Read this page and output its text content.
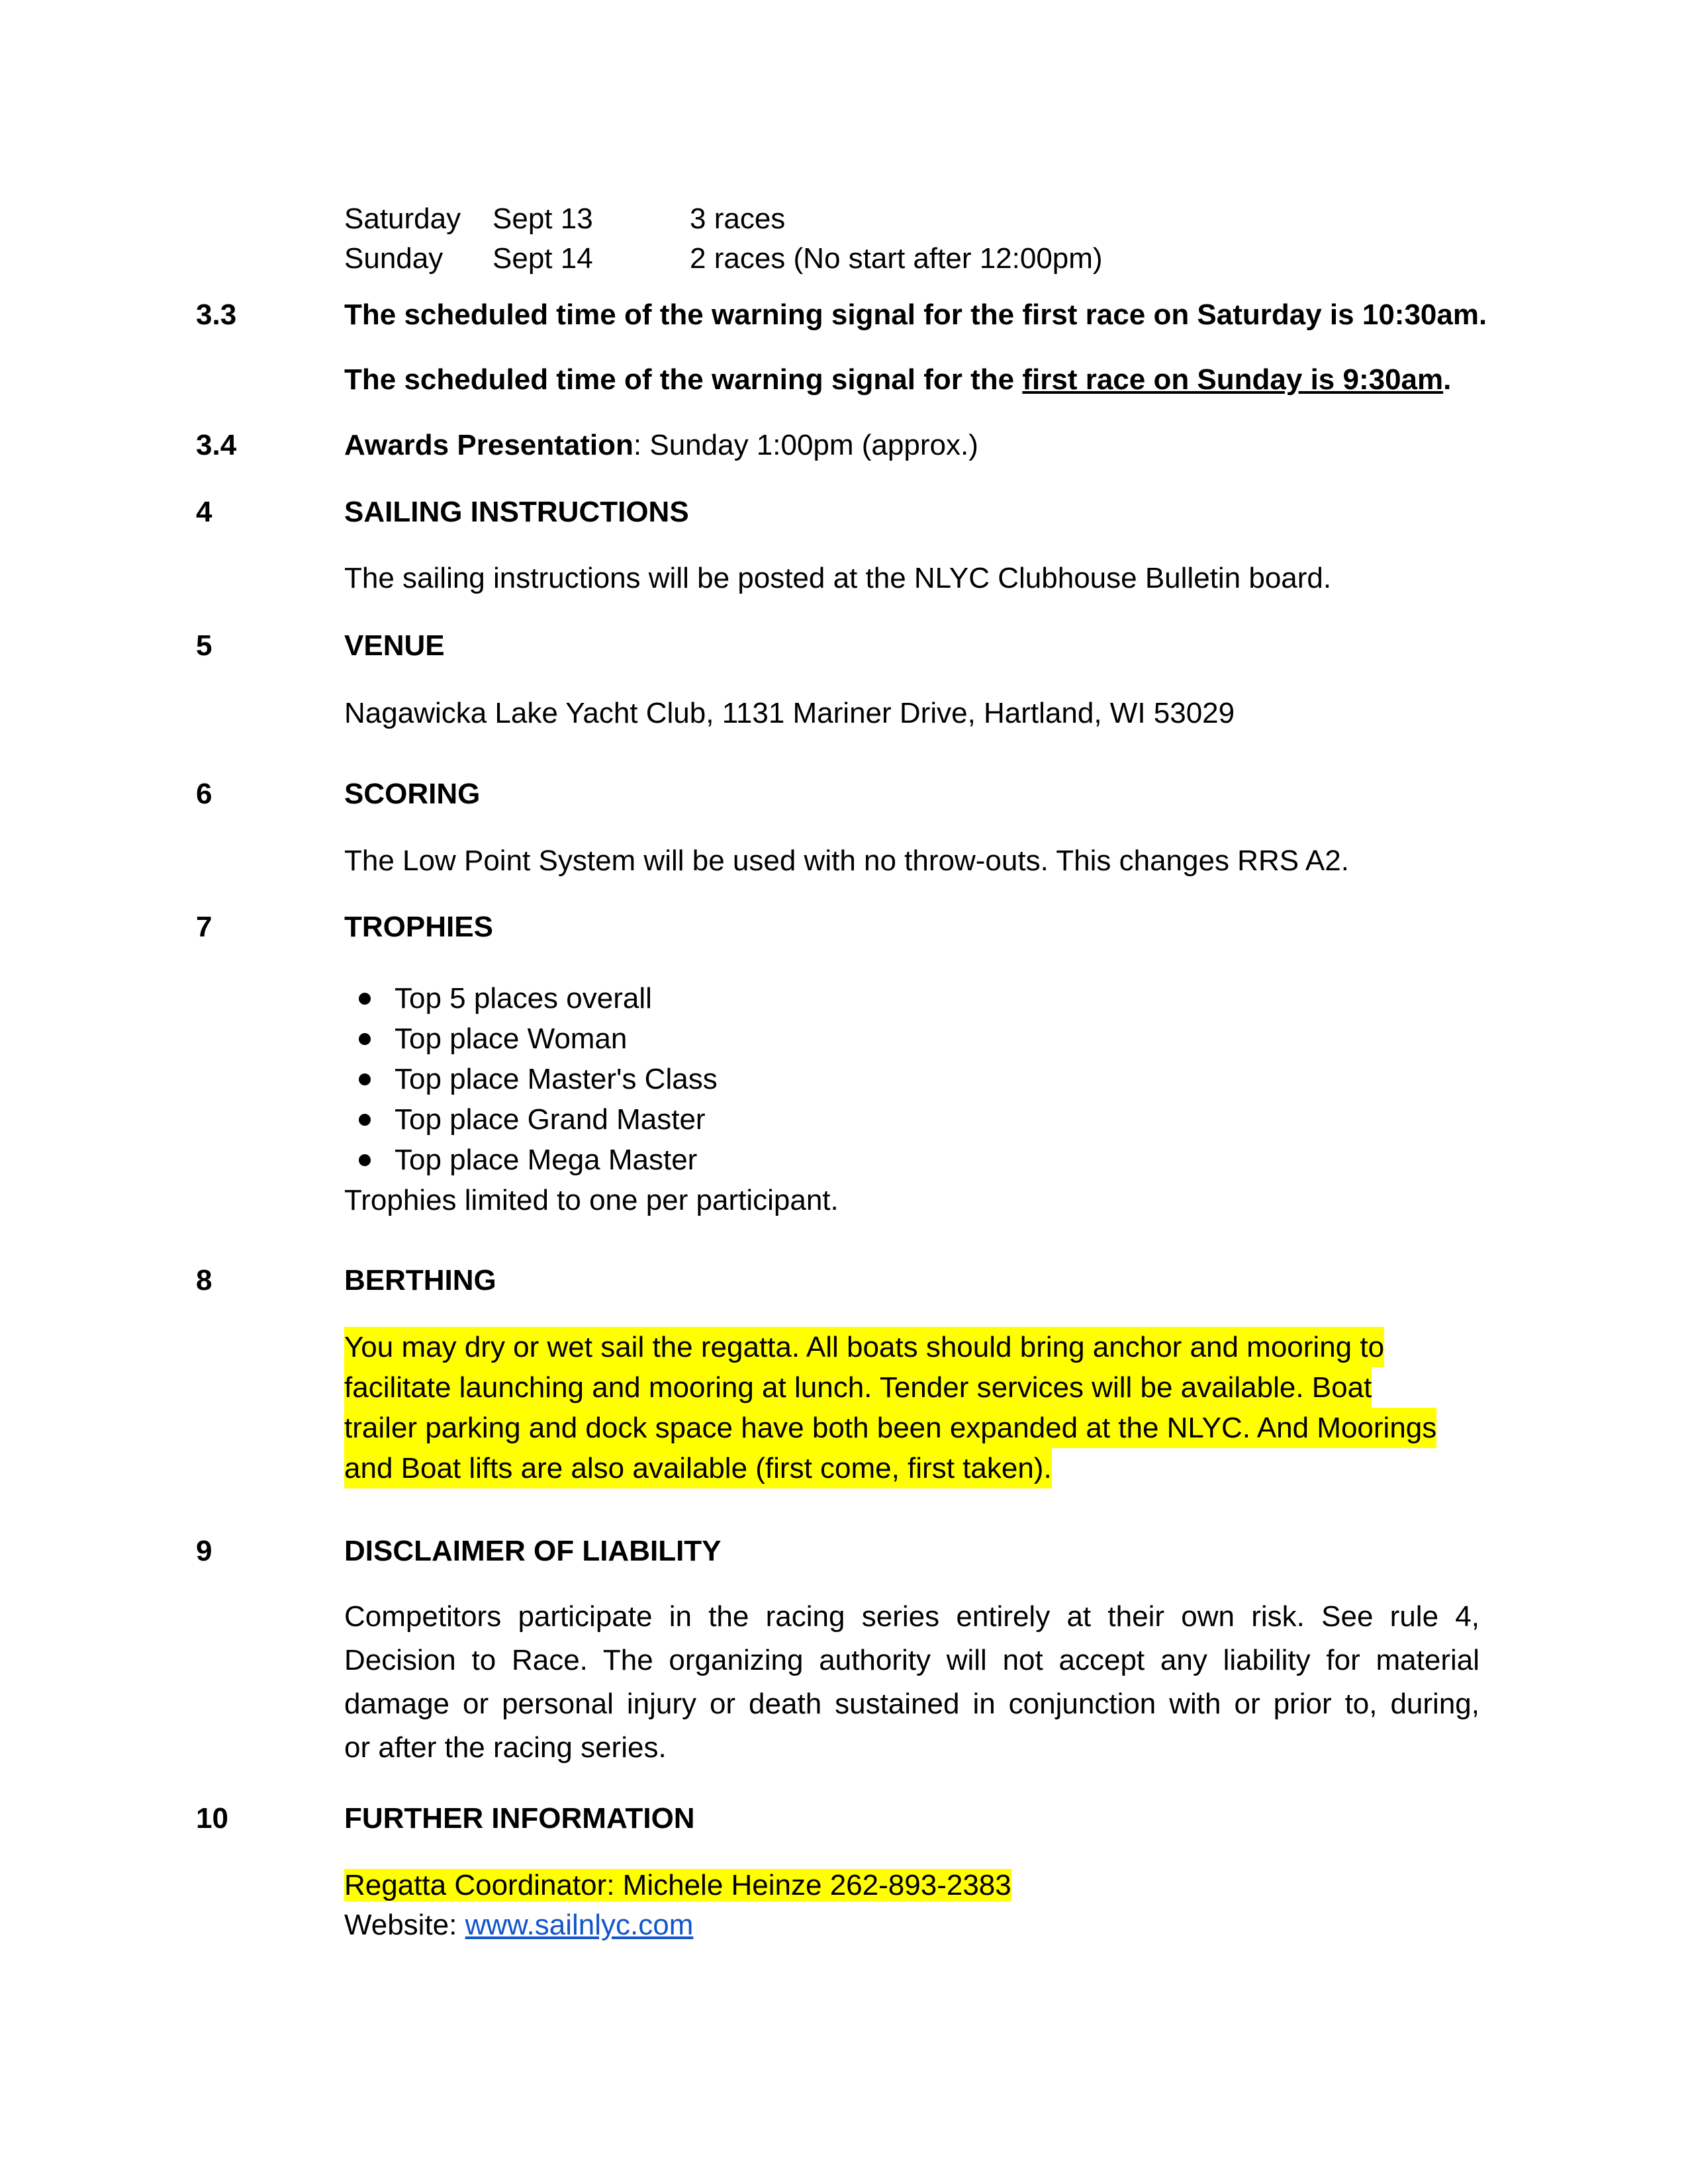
Saturday Sept 13	3 races
Sunday Sept 14	2 races (No start after 12:00pm)
3.3	The scheduled time of the warning signal for the first race on Saturday is 10:30am.
The scheduled time of the warning signal for the first race on Sunday is 9:30am.
3.4	Awards Presentation: Sunday 1:00pm (approx.)
4	SAILING INSTRUCTIONS
The sailing instructions will be posted at the NLYC Clubhouse Bulletin board.
5	VENUE
Nagawicka Lake Yacht Club, 1131 Mariner Drive, Hartland, WI 53029
6	SCORING
The Low Point System will be used with no throw-outs. This changes RRS A2.
7	TROPHIES
Top 5 places overall
Top place Woman
Top place Master's Class
Top place Grand Master
Top place Mega Master
Trophies limited to one per participant.
8	BERTHING
You may dry or wet sail the regatta. All boats should bring anchor and mooring to
facilitate launching and mooring at lunch. Tender services will be available. Boat
trailer parking and dock space have both been expanded at the NLYC. And Moorings
and Boat lifts are also available (first come, first taken).
9	DISCLAIMER OF LIABILITY
Competitors participate in the racing series entirely at their own risk. See rule 4,
Decision to Race. The organizing authority will not accept any liability for material
damage or personal injury or death sustained in conjunction with or prior to, during,
or after the racing series.
10	FURTHER INFORMATION
Regatta Coordinator: Michele Heinze 262-893-2383
Website: www.sailnlyc.com
